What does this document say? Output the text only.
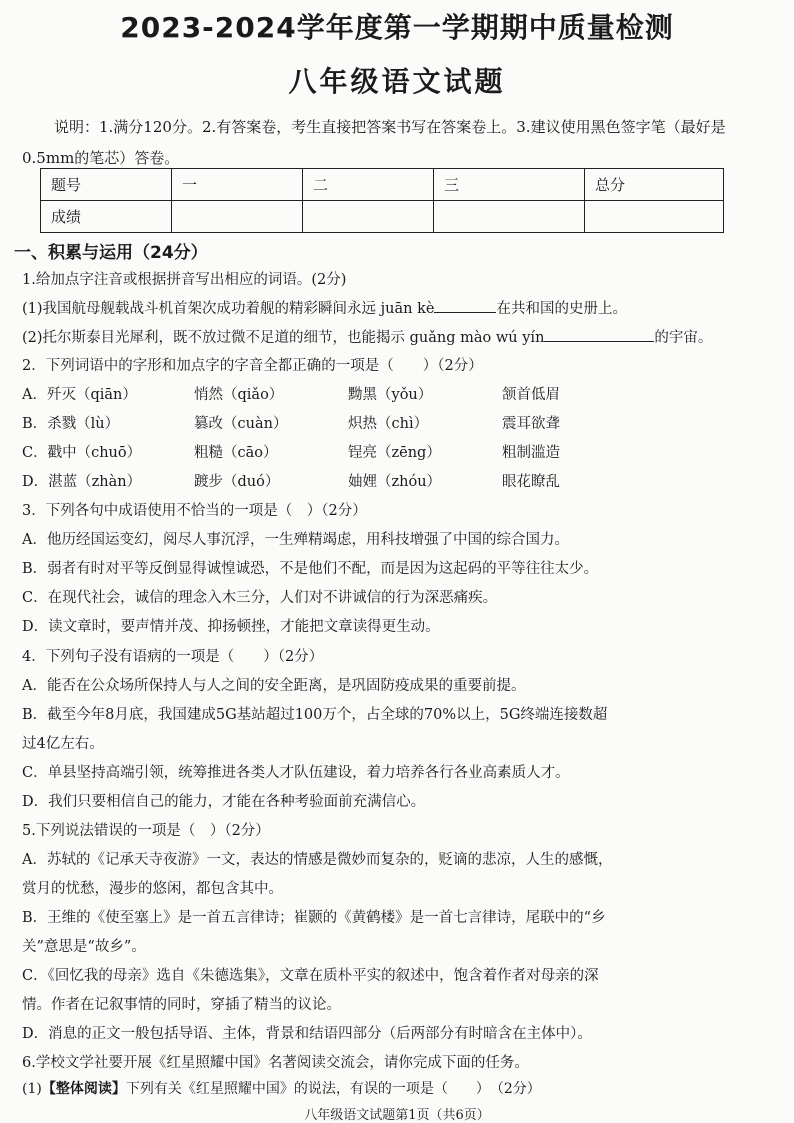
2023-2024学年度第一学期期中质量检测
八年级语文试题
说明：1.满分120分。2.有答案卷，考生直接把答案书写在答案卷上。3.建议使用黑色签字笔（最好是0.5mm的笔芯）答卷。
题号	一	二	三	总分
成绩				
一、积累与运用（24分）
1.给加点字注音或根据拼音写出相应的词语。(2分)
(1)我国航母舰载战斗机首架次成功着舰的精彩瞬间永远 juān kè	在共和国的史册上。
(2)托尔斯泰目光犀利，既不放过微不足道的细节，也能揭示 guǎng mào wú yín	的宇宙。
2．下列词语中的字形和加点字的字音全都正确的一项是（　　）（2分）
A．歼灭（qiān）	悄然（qiǎo）	黝黑（yǒu）	颔首低眉
B．杀戮（lù）	篡改（cuàn）	炽热（chì）	震耳欲聋
C．戳中（chuō）	粗糙（cāo）	锃亮（zēng）	粗制滥造
D．湛蓝（zhàn）	踱步（duó）	妯娌（zhóu）	眼花瞭乱
3．下列各句中成语使用不恰当的一项是（　）（2分）
A．他历经国运变幻，阅尽人事沉浮，一生殚精竭虑，用科技增强了中国的综合国力。
B．弱者有时对平等反倒显得诚惶诚恐，不是他们不配，而是因为这起码的平等往往太少。
C．在现代社会，诚信的理念入木三分，人们对不讲诚信的行为深恶痛疾。
D．读文章时，要声情并茂、抑扬顿挫，才能把文章读得更生动。
4．下列句子没有语病的一项是（　　）（2分）
A．能否在公众场所保持人与人之间的安全距离，是巩固防疫成果的重要前提。
B．截至今年8月底，我国建成5G基站超过100万个，占全球的70%以上，5G终端连接数超
过4亿左右。
C．单县坚持高端引领，统筹推进各类人才队伍建设，着力培养各行各业高素质人才。
D．我们只要相信自己的能力，才能在各种考验面前充满信心。
5.下列说法错误的一项是（　）（2分）
A．苏轼的《记承天寺夜游》一文，表达的情感是微妙而复杂的，贬谪的悲凉，人生的感慨，
赏月的忧愁，漫步的悠闲，都包含其中。
B．王维的《使至塞上》是一首五言律诗；崔颢的《黄鹤楼》是一首七言律诗，尾联中的“乡
关”意思是“故乡”。
C．《回忆我的母亲》选自《朱德选集》，文章在质朴平实的叙述中，饱含着作者对母亲的深
情。作者在记叙事情的同时，穿插了精当的议论。
D．消息的正文一般包括导语、主体，背景和结语四部分（后两部分有时暗含在主体中）。
6.学校文学社要开展《红星照耀中国》名著阅读交流会，请你完成下面的任务。
八年级语文试题第1页（共6页）
(1)【整体阅读】下列有关《红星照耀中国》的说法，有误的一项是（　　）　（2分）
